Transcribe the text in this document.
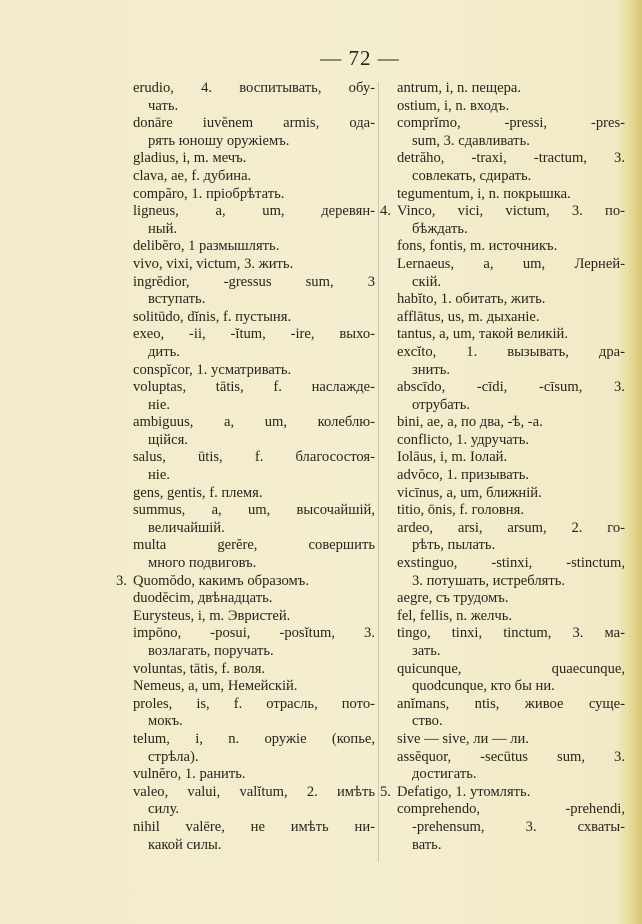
— 72 —
erudio, 4. воспитывать, обу-
чать.
donāre iuvĕnem armis, ода-
рять юношу оружіемъ.
gladius, i, m. мечъ.
clava, ae, f. дубина.
compăro, 1. пріобрѣтать.
ligneus, a, um, деревян-
ный.
delibĕro, 1 размышлять.
vivo, vixi, victum, 3. жить.
ingrĕdior, -gressus sum, 3
вступать.
solitūdo, dĭnis, f. пустыня.
exeo, -ii, -ĭtum, -ire, выхо-
дить.
conspĭcor, 1. усматривать.
voluptas, tātis, f. наслажде-
ніе.
ambiguus, a, um, колеблю-
щійся.
salus, ūtis, f. благосостоя-
ніе.
gens, gentis, f. племя.
summus, a, um, высочайшій,
величайшій.
multa gerĕre, совершить
много подвиговъ.
3. Quomŏdo, какимъ образомъ.
duodĕcim, двѣнадцать.
Eurysteus, i, m. Эвристей.
impōno, -posui, -posĭtum, 3.
возлагать, поручать.
voluntas, tātis, f. воля.
Nemeus, a, um, Немейскій.
proles, is, f. отрасль, пото-
мокъ.
telum, i, n. оружіе (копье,
стрѣла).
vulnĕro, 1. ранить.
valeo, valui, valĭtum, 2. имѣть
силу.
nihil valēre, не имѣть ни-
какой силы.
antrum, i, n. пещера.
ostium, i, n. входъ.
comprĭmo, -pressi, -pres-
sum, 3. сдавливать.
detrăho, -traxi, -tractum, 3.
совлекать, сдирать.
tegumentum, i, n. покрышка.
4. Vinco, vici, victum, 3. по-
бѣждать.
fons, fontis, m. источникъ.
Lernaeus, a, um, Лерней-
скій.
habĭto, 1. обитать, жить.
afflātus, us, m. дыханіе.
tantus, a, um, такой великій.
excĭto, 1. вызывать, дра-
знить.
abscīdo, -cīdi, -cīsum, 3.
отрубать.
bini, ae, a, по два, -ѣ, -а.
conflicto, 1. удручать.
Iolāus, i, m. Іолай.
advŏco, 1. призывать.
vicīnus, a, um, ближній.
titio, ōnis, f. головня.
ardeo, arsi, arsum, 2. го-
рѣть, пылать.
exstinguo, -stinxi, -stinctum,
3. потушать, истреблять.
aegre, съ трудомъ.
fel, fellis, n. желчь.
tingo, tinxi, tinctum, 3. ма-
зать.
quicunque, quaecunque,
quodcunque, кто бы ни.
anĭmans, ntis, живое суще-
ство.
sive — sive, ли — ли.
assĕquor, -secūtus sum, 3.
достигать.
5. Defatigo, 1. утомлять.
comprehendo, -prehendi,
-prehensum, 3. схваты-
вать.
